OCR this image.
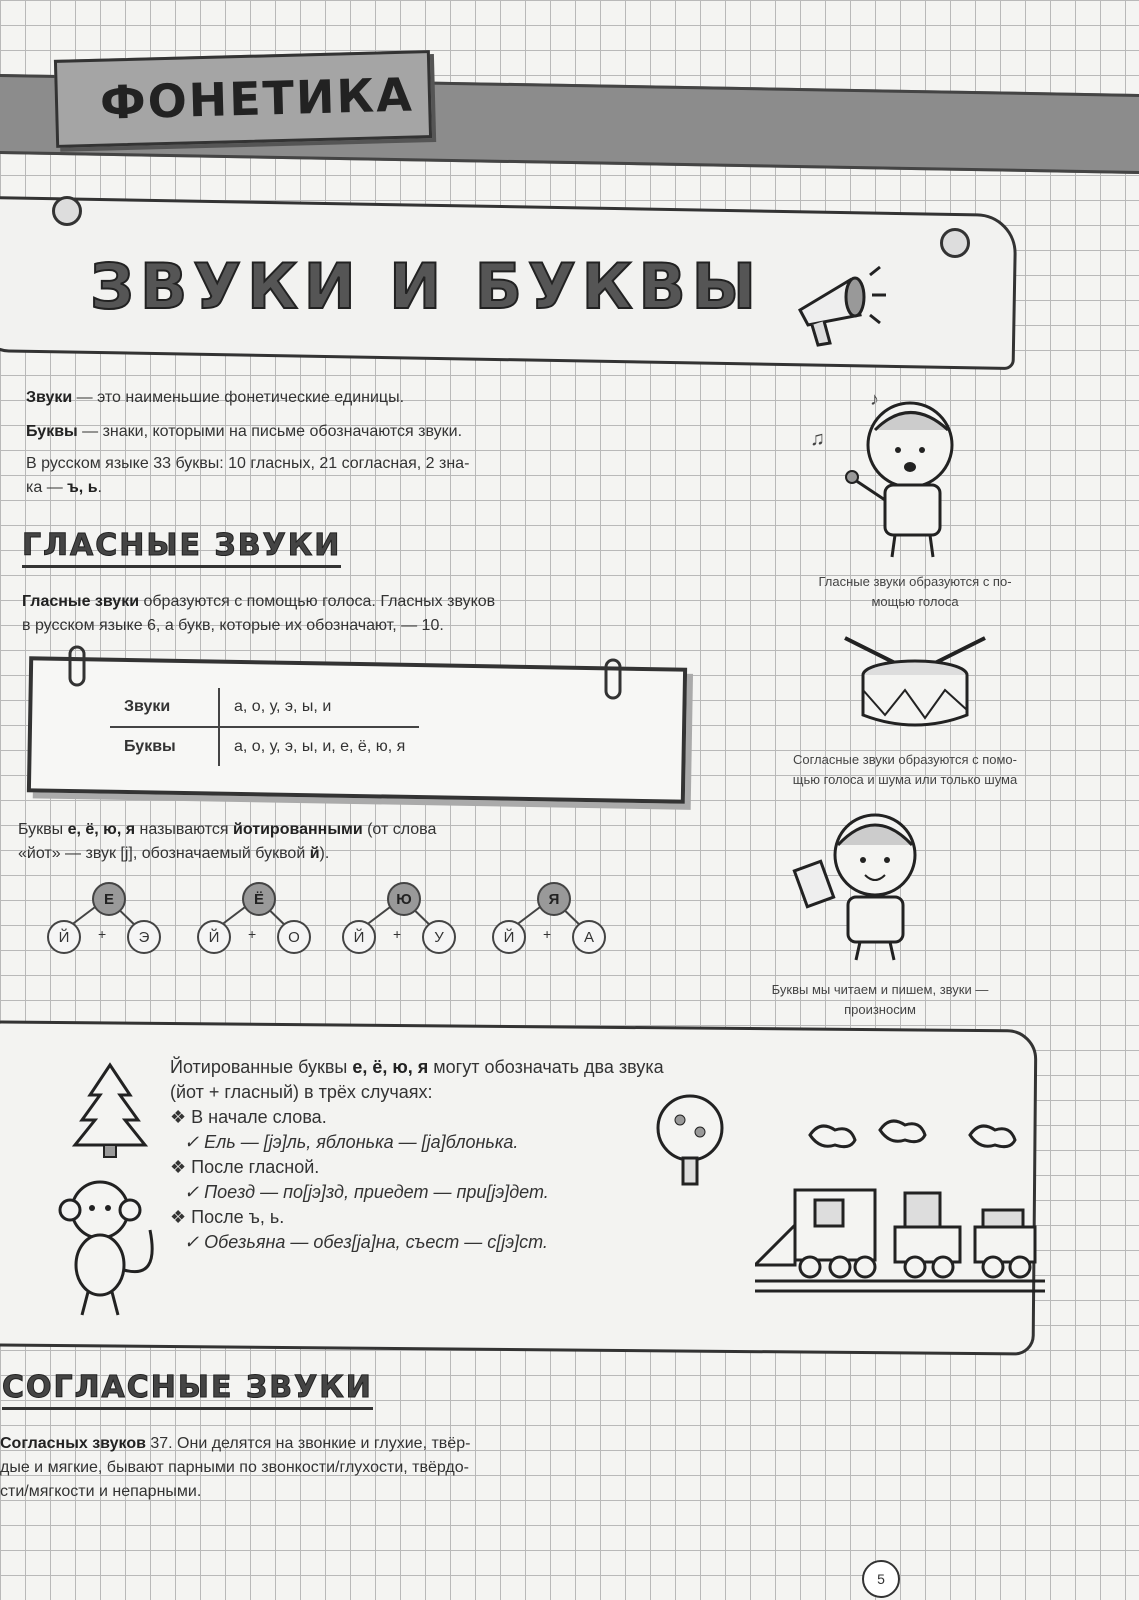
ФОНЕТИКА
ЗВУКИ И БУКВЫ
Звуки — это наименьшие фонетические единицы.
Буквы — знаки, которыми на письме обозначаются звуки.
В русском языке 33 буквы: 10 гласных, 21 согласная, 2 зна-
ка — ъ, ь.
ГЛАСНЫЕ ЗВУКИ
Гласные звуки образуются с помощью голоса. Гласных звуков
в русском языке 6, а букв, которые их обозначают, — 10.
Звуки	а, о, у, э, ы, и
Буквы	а, о, у, э, ы, и, е, ё, ю, я
Буквы е, ё, ю, я называются йотированными (от слова
«йот» — звук [j], обозначаемый буквой й).
Е
Й	+	Э
Ё
Й	+	О
Ю
Й	+	У
Я
Й	+	А
♫
♪
Гласные звуки образуются с по-
мощью голоса
Согласные звуки образуются с помо-
щью голоса и шума или только шума
Буквы мы читаем и пишем, звуки —
произносим
Йотированные буквы е, ё, ю, я могут обозначать два звука
(йот + гласный) в трёх случаях:
❖ В начале слова.
✓ Ель — [jэ]ль, яблонька — [jа]блонька.
❖ После гласной.
✓ Поезд — по[jэ]зд, приедет — при[jэ]дет.
❖ После ъ, ь.
✓ Обезьяна — обез[jа]на, съест — с[jэ]ст.
СОГЛАСНЫЕ ЗВУКИ
Согласных звуков 37. Они делятся на звонкие и глухие, твёр-
дые и мягкие, бывают парными по звонкости/глухости, твёрдо-
сти/мягкости и непарными.
5
